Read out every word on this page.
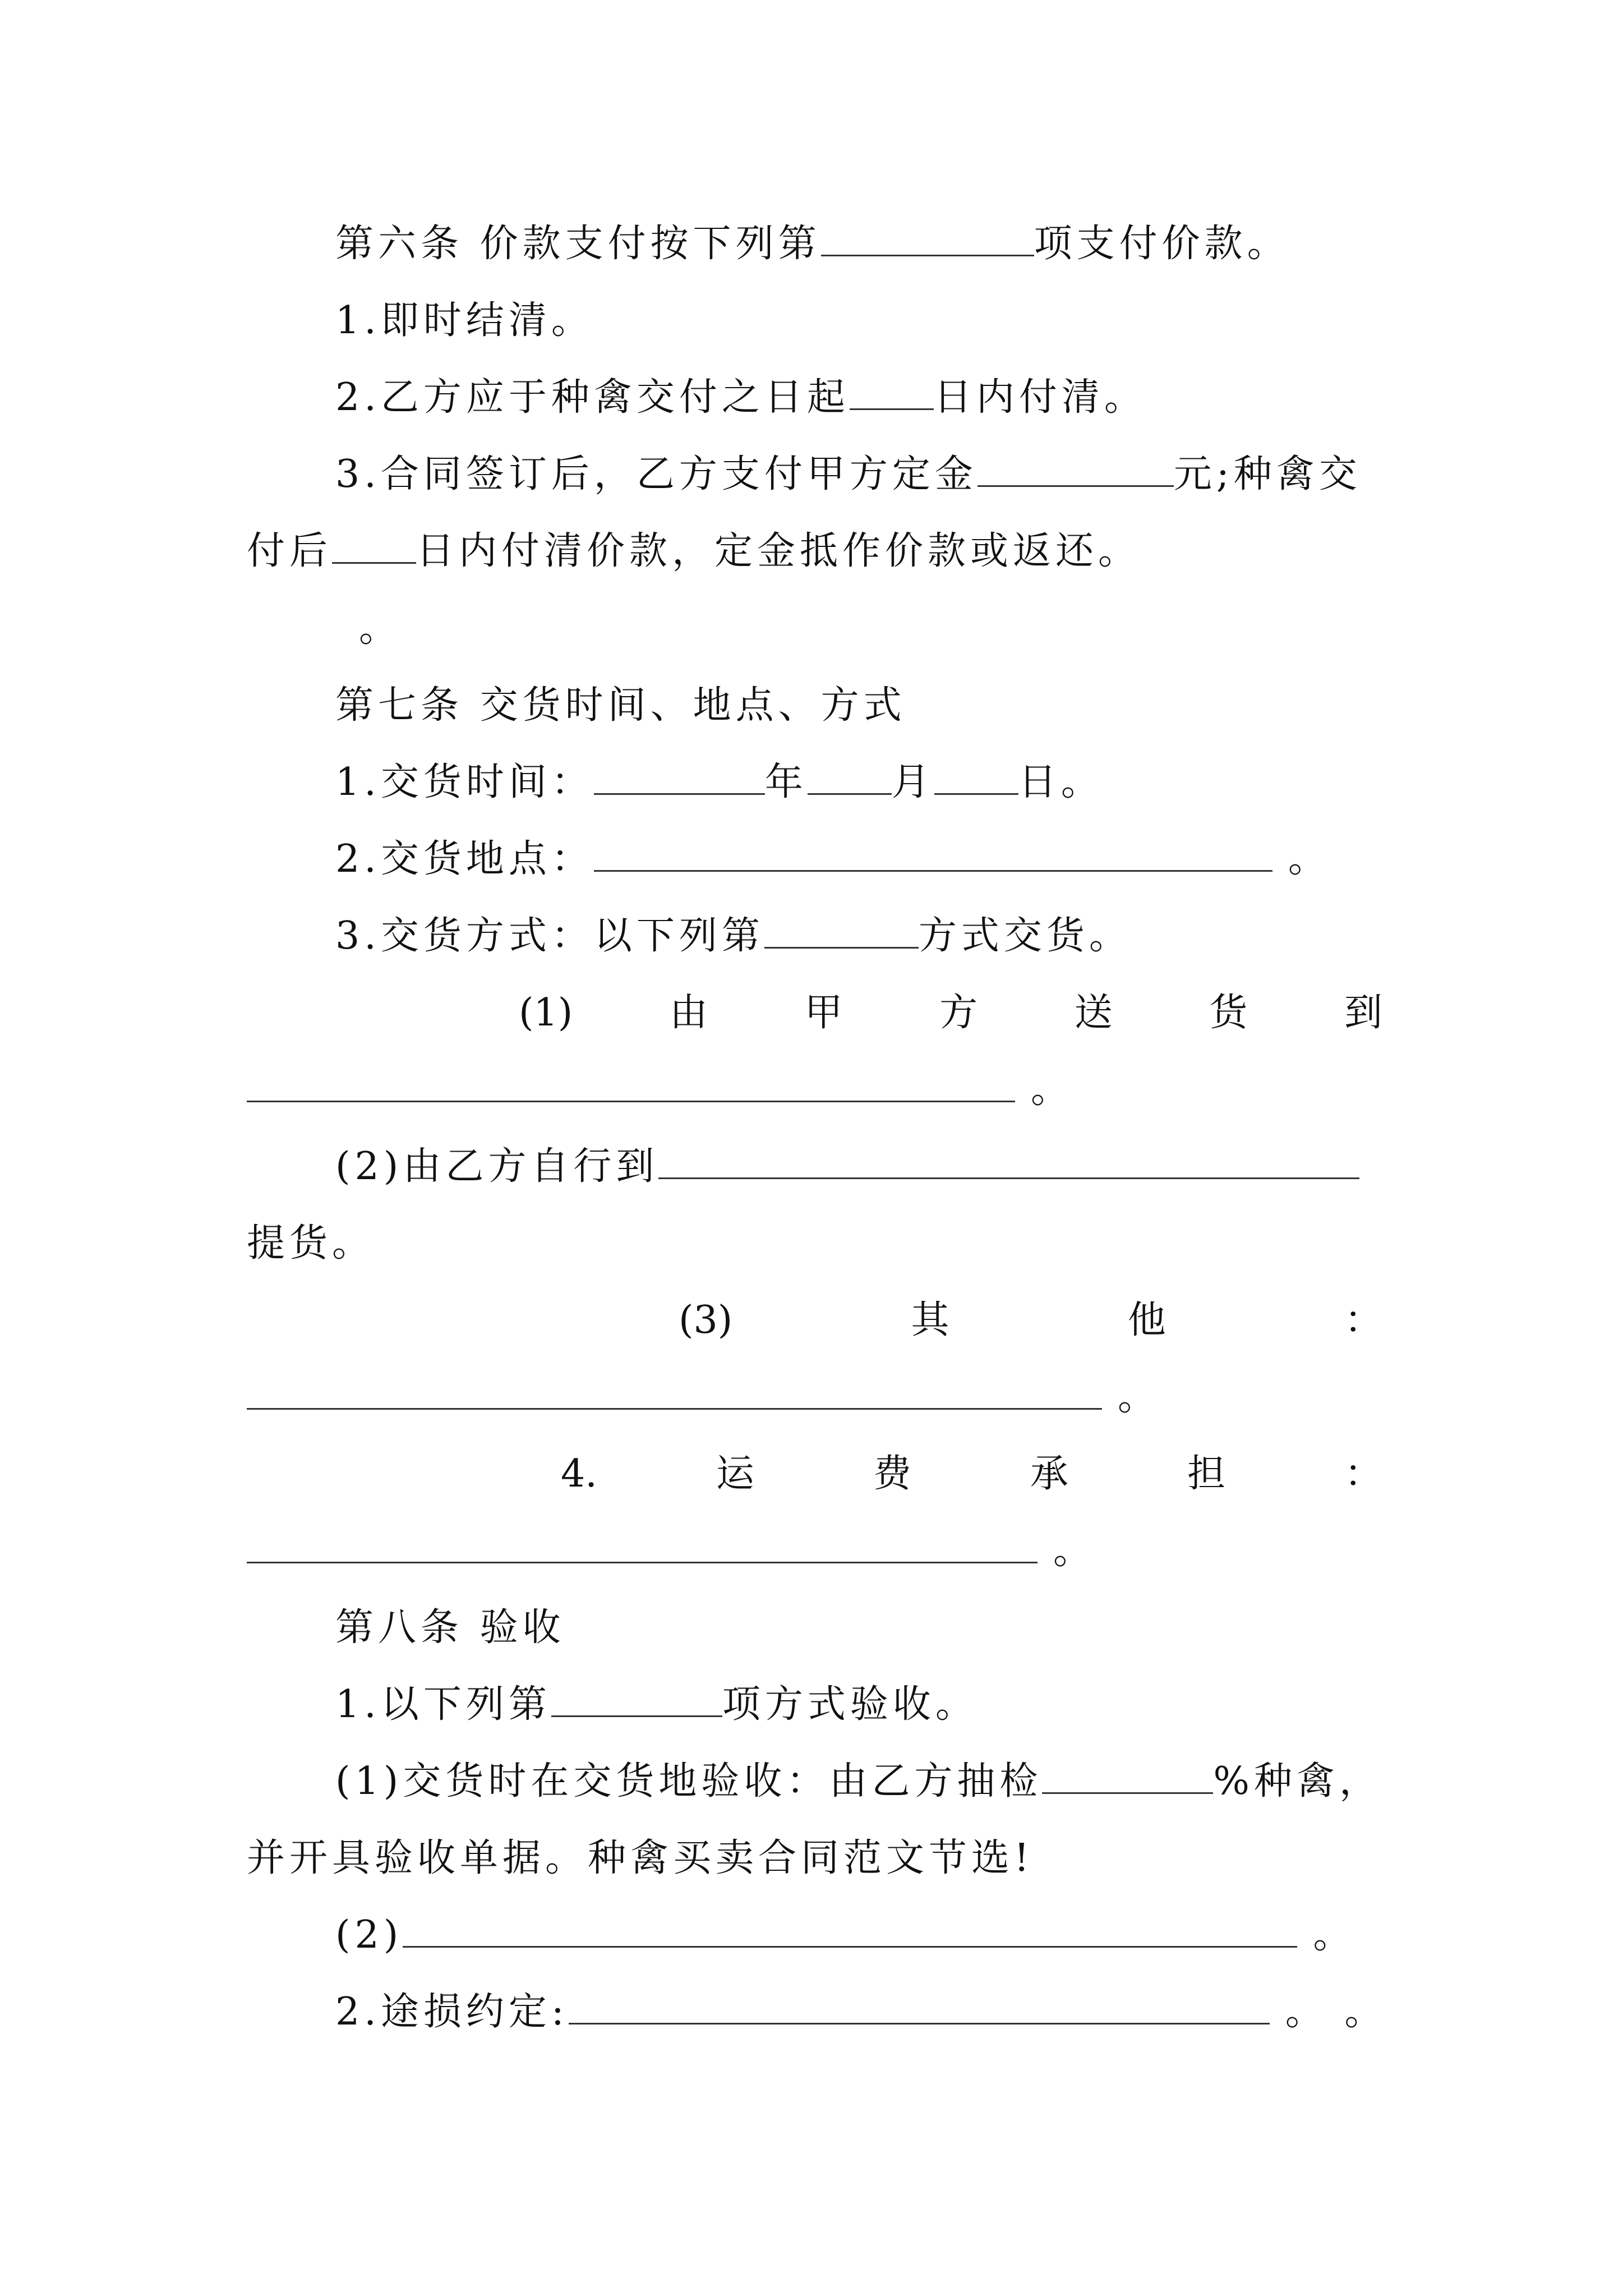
第六条 价款支付按下列第	项支付价款。
1.即时结清。
2.乙方应于种禽交付之日起 日内付清。
3.合同签订后，乙方支付甲方定金	元;种禽交
付后 日内付清价款，定金抵作价款或返还。
。
第七条 交货时间、地点、方式
1.交货时间：	年 月 日。
2.交货地点：	。
3.交货方式：以下列第	方式交货。
(1)	由	甲	方	送	货	到
。
(2)由乙方自行到
提货。
(3)	其	他	：
。
4.	运	费	承	担	：
。
第八条 验收
1.以下列第	项方式验收。
(1)交货时在交货地验收：由乙方抽检	%种禽，
并开具验收单据。种禽买卖合同范文节选!
(2)	。
2.途损约定:	。 。
